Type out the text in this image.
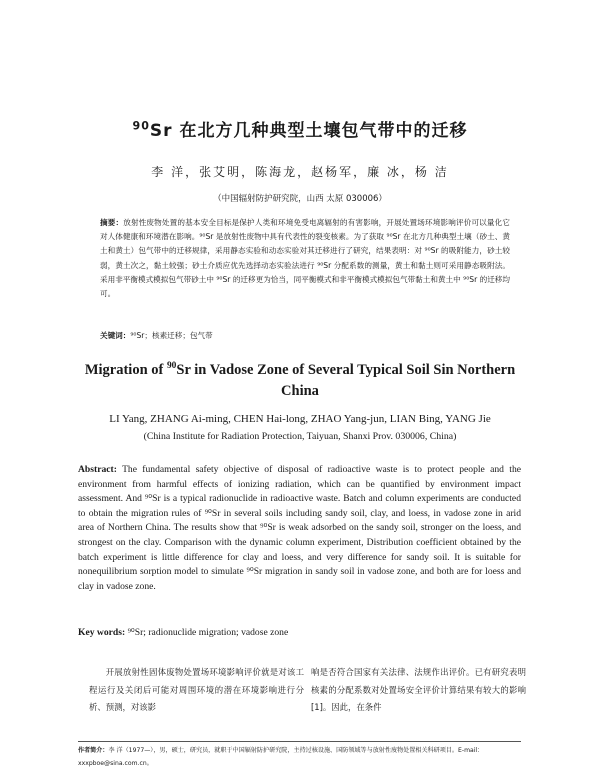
$^{90}$Sr 在北方几种典型土壤包气带中的迁移
李 洋，张艾明，陈海龙，赵杨军，廉 冰，杨 洁
（中国辐射防护研究院，山西 太原 030006）
摘要：放射性废物处置的基本安全目标是保护人类和环境免受电离辐射的有害影响，开展处置场环境影响评价可以量化它对人体健康和环境潜在影响。⁹⁰Sr 是放射性废物中具有代表性的裂变核素。为了获取 ⁹⁰Sr 在北方几种典型土壤（砂土、黄土和黄土）包气带中的迁移规律，采用静态实验和动态实验对其迁移进行了研究，结果表明：对 ⁹⁰Sr 的吸附能力，砂土较弱，黄土次之，黏土较强；砂土介质应优先选择动态实验法进行 ⁹⁰Sr 分配系数的测量，黄土和黏土则可采用静态吸附法。采用非平衡模式模拟包气带砂土中 ⁹⁰Sr 的迁移更为恰当，同平衡模式和非平衡模式模拟包气带黏土和黄土中 ⁹⁰Sr 的迁移均可。
关键词：⁹⁰Sr；核素迁移；包气带
Migration of $^{90}$Sr in Vadose Zone of Several Typical Soil Sin Northern China
LI Yang, ZHANG Ai-ming, CHEN Hai-long, ZHAO Yang-jun, LIAN Bing, YANG Jie
(China Institute for Radiation Protection, Taiyuan, Shanxi Prov. 030006, China)
Abstract: The fundamental safety objective of disposal of radioactive waste is to protect people and the environment from harmful effects of ionizing radiation, which can be quantified by environment impact assessment. And ⁹⁰Sr is a typical radionuclide in radioactive waste. Batch and column experiments are conducted to obtain the migration rules of ⁹⁰Sr in several soils including sandy soil, clay, and loess, in vadose zone in arid area of Northern China. The results show that ⁹⁰Sr is weak adsorbed on the sandy soil, stronger on the loess, and strongest on the clay. Comparison with the dynamic column experiment, Distribution coefficient obtained by the batch experiment is little difference for clay and loess, and very difference for sandy soil. It is suitable for nonequilibrium sorption model to simulate ⁹⁰Sr migration in sandy soil in vadose zone, and both are for loess and clay in vadose zone.
Key words: ⁹⁰Sr; radionuclide migration; vadose zone
开展放射性固体废物处置场环境影响评价就是对该工程运行及关闭后可能对周围环境的潜在环境影响进行分析、预测，对该影
响是否符合国家有关法律、法规作出评价。已有研究表明核素的分配系数对处置场安全评价计算结果有较大的影响[1]。因此，在条件
作者简介：李 洋（1977—），男，硕士，研究员，就职于中国辐射防护研究院，主持过核设施、国防领域等与放射性废物处置相关科研项目。E-mail：xxxpboe@sina.com.cn。
